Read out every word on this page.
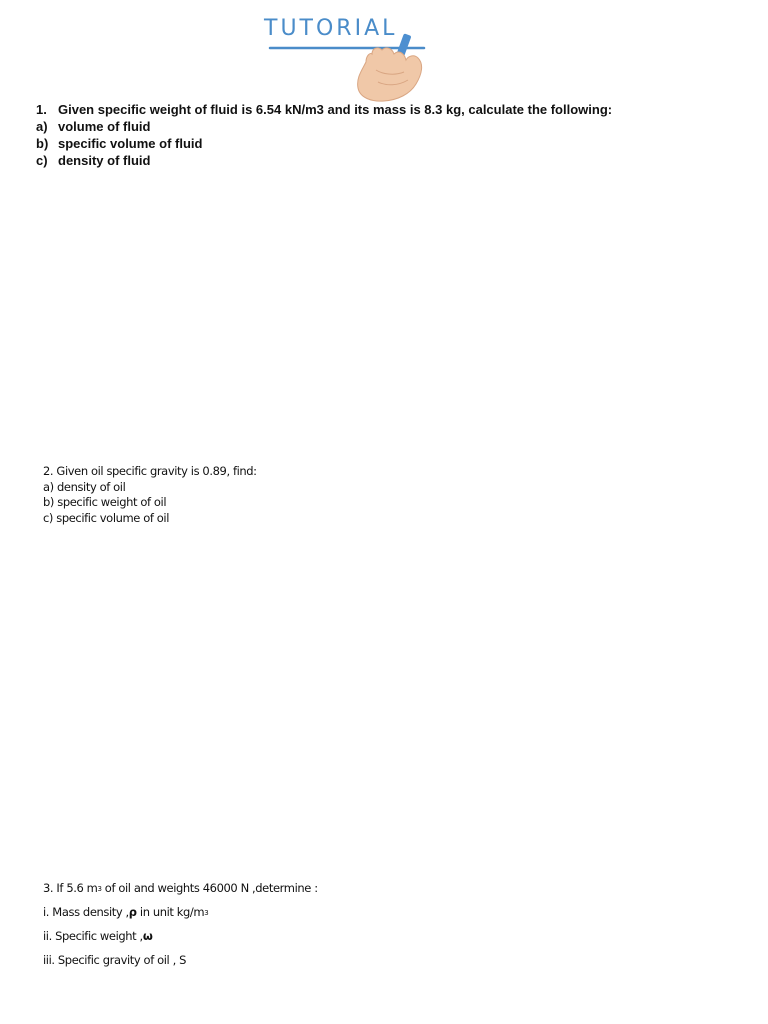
TUTORIAL
1. Given specific weight of fluid is 6.54 kN/m3 and its mass is 8.3 kg, calculate the following:
a) volume of fluid
b) specific volume of fluid
c) density of fluid
2. Given oil specific gravity is 0.89, find:
a) density of oil
b) specific weight of oil
c) specific volume of oil
3. If 5.6 $m^3$ of oil and weights 46000 N ,determine :
i. Mass density ,ρ in unit $kg/m^3$
ii. Specific weight ,ω
iii. Specific gravity of oil , S
